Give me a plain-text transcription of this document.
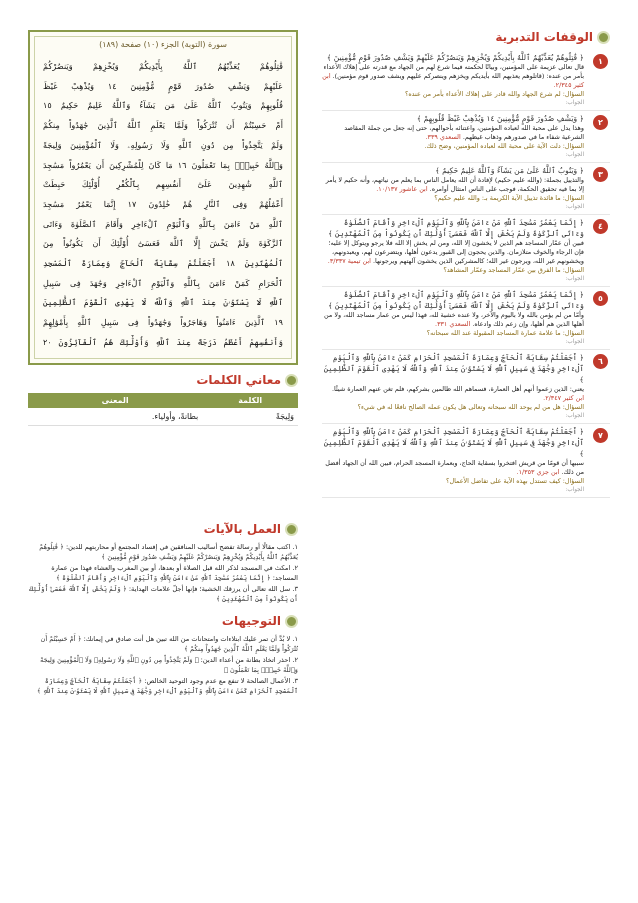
الوقفات التدبرية
١
﴿ قَٰتِلُوهُمْ يُعَذِّبْهُمُ ٱللَّهُ بِأَيْدِيكُمْ وَيُخْزِهِمْ وَيَنصُرْكُمْ عَلَيْهِمْ وَيَشْفِ صُدُورَ قَوْمٍ مُّؤْمِنِينَ ﴾
قال تعالى عزيمة على المؤمنين، وبيانًا لحكمته فيما شرع لهم من الجهاد مع قدرته على إهلاك الأعداء بأمر من عنده: (قاتلوهم يعذبهم الله بأيديكم ويخزهم وينصركم عليهم ويشف صدور قوم مؤمنين). ابن كثير ٢/٣٤٥.
السؤال: لم شرع الجهاد والله قادر على إهلاك الأعداء بأمر من عنده؟
الجواب:
٢
﴿ وَيَشْفِ صُدُورَ قَوْمٍ مُّؤْمِنِينَ ١٤ وَيُذْهِبْ غَيْظَ قُلُوبِهِمْ ﴾
وهذا يدل على محبة الله لعباده المؤمنين، واعتنائه بأحوالهم، حتى إنه جعل من جملة المقاصد الشرعية شفاء ما في صدورهم وذهاب غيظهم. السعدي ٣٣٩.
السؤال: دلت الآية على محبة الله لعباده المؤمنين، وضح ذلك.
الجواب:
٣
﴿ وَيَتُوبُ ٱللَّهُ عَلَىٰ مَن يَشَآءُ وَٱللَّهُ عَلِيمٌ حَكِيمٌ ﴾
والتذييل بجملة: (والله عليم حكيم) لإفادة أن الله يعامل الناس بما يعلم من نياتهم، وأنه حكيم لا يأمر إلا بما فيه تحقيق الحكمة، فوجب على الناس امتثال أوامره. ابن عاشور ١٠/١٣٧.
السؤال: ما فائدة تذييل الآية الكريمة بـ: والله عليم حكيم؟
الجواب:
٤
﴿ إِنَّمَا يَعْمُرُ مَسَٰجِدَ ٱللَّهِ مَنْ ءَامَنَ بِٱللَّهِ وَٱلْيَوْمِ ٱلْءَاخِرِ وَأَقَامَ ٱلصَّلَوٰةَ وَءَاتَى ٱلزَّكَوٰةَ وَلَمْ يَخْشَ إِلَّا ٱللَّهَ فَعَسَىٰٓ أُوْلَٰٓئِكَ أَن يَكُونُواْ مِنَ ٱلْمُهْتَدِينَ ﴾
فبين أن عمّار المساجد هم الذين لا يخشون إلا الله، ومن لم يخش إلا الله فلا يرجو ويتوكل إلا عليه؛ فإن الرجاء والخوف متلازمان. والذين يحجون إلى القبور يدعون أهلها، ويتضرعون لهم، ويعبدونهم، ويخشونهم غير الله، ويرجون غير الله؛ كالمشركين الذين يخشون آلهتهم ويرجونها. ابن تيمية ٣/٣٣٧.
السؤال: ما الفرق بين عمّار المساجد وعمّار المشاهد؟
الجواب:
٥
﴿ إِنَّمَا يَعْمُرُ مَسَٰجِدَ ٱللَّهِ مَنْ ءَامَنَ بِٱللَّهِ وَٱلْيَوْمِ ٱلْءَاخِرِ وَأَقَامَ ٱلصَّلَوٰةَ وَءَاتَى ٱلزَّكَوٰةَ وَلَمْ يَخْشَ إِلَّا ٱللَّهَ فَعَسَىٰٓ أُوْلَٰٓئِكَ أَن يَكُونُواْ مِنَ ٱلْمُهْتَدِينَ ﴾
وأمّا من لم يؤمن بالله ولا باليوم والآخر، ولا عنده خشية لله، فهذا ليس من عمار مساجد الله، ولا من أهلها الذين هم أهلها، وإن زعم ذلك وادعاه. السعدي ٣٣١.
السؤال: ما علامة عمارة المساجد المقبولة عند الله سبحانه؟
الجواب:
٦
﴿ أَجَعَلْتُمْ سِقَايَةَ ٱلْحَآجِّ وَعِمَارَةَ ٱلْمَسْجِدِ ٱلْحَرَامِ كَمَنْ ءَامَنَ بِٱللَّهِ وَٱلْيَوْمِ ٱلْءَاخِرِ وَجَٰهَدَ فِى سَبِيلِ ٱللَّهِ لَا يَسْتَوُۥنَ عِندَ ٱللَّهِ وَٱللَّهُ لَا يَهْدِى ٱلْقَوْمَ ٱلظَّٰلِمِينَ ﴾
يعني: الذين زعموا أنهم أهل العمارة، فسماهم الله ظالمين بشركهم، فلم تغن عنهم العمارة شيئًا. ابن كثير ٢/٣٤٧.
السؤال: هل من لم يوحد الله سبحانه وتعالى هل يكون عمله الصالح نافعًا له في شيء؟
الجواب:
٧
﴿ أَجَعَلْتُمْ سِقَايَةَ ٱلْحَآجِّ وَعِمَارَةَ ٱلْمَسْجِدِ ٱلْحَرَامِ كَمَنْ ءَامَنَ بِٱللَّهِ وَٱلْيَوْمِ ٱلْءَاخِرِ وَجَٰهَدَ فِى سَبِيلِ ٱللَّهِ لَا يَسْتَوُۥنَ عِندَ ٱللَّهِ وَٱللَّهُ لَا يَهْدِى ٱلْقَوْمَ ٱلظَّٰلِمِينَ ﴾
سببها أن قومًا من قريش افتخروا بسقاية الحاج، وبعمارة المسجد الحرام، فبين الله أن الجهاد أفضل من ذلك. ابن جزي ١/٣٥٣.
السؤال: كيف تستدل بهذه الآية على تفاضل الأعمال؟
الجواب:
سورة (التوبة) الجزء (١٠) صفحة (١٨٩)
قَٰتِلُوهُمْ يُعَذِّبْهُمُ ٱللَّهُ بِأَيْدِيكُمْ وَيُخْزِهِمْ وَيَنصُرْكُمْ
عَلَيْهِمْ وَيَشْفِ صُدُورَ قَوْمٍ مُّؤْمِنِينَ ١٤ وَيُذْهِبْ غَيْظَ
قُلُوبِهِمْ وَيَتُوبُ ٱللَّهُ عَلَىٰ مَن يَشَآءُ وَٱللَّهُ عَلِيمٌ حَكِيمٌ ١٥
أَمْ حَسِبْتُمْ أَن تُتْرَكُواْ وَلَمَّا يَعْلَمِ ٱللَّهُ ٱلَّذِينَ جَٰهَدُواْ مِنكُمْ
وَلَمْ يَتَّخِذُواْ مِن دُونِ ٱللَّهِ وَلَا رَسُولِهِۦ وَلَا ٱلْمُؤْمِنِينَ وَلِيجَةً
وَٱللَّهُ خَبِيرٌۢ بِمَا تَعْمَلُونَ ١٦ مَا كَانَ لِلْمُشْرِكِينَ أَن يَعْمُرُواْ مَسَٰجِدَ
ٱللَّهِ شَٰهِدِينَ عَلَىٰٓ أَنفُسِهِم بِٱلْكُفْرِ أُوْلَٰٓئِكَ حَبِطَتْ
أَعْمَٰلُهُمْ وَفِى ٱلنَّارِ هُمْ خَٰلِدُونَ ١٧ إِنَّمَا يَعْمُرُ مَسَٰجِدَ
ٱللَّهِ مَنْ ءَامَنَ بِٱللَّهِ وَٱلْيَوْمِ ٱلْءَاخِرِ وَأَقَامَ ٱلصَّلَوٰةَ وَءَاتَى
ٱلزَّكَوٰةَ وَلَمْ يَخْشَ إِلَّا ٱللَّهَ فَعَسَىٰٓ أُوْلَٰٓئِكَ أَن يَكُونُواْ مِنَ
ٱلْمُهْتَدِينَ ١٨ أَجَعَلْتُمْ سِقَايَةَ ٱلْحَآجِّ وَعِمَارَةَ ٱلْمَسْجِدِ
ٱلْحَرَامِ كَمَنْ ءَامَنَ بِٱللَّهِ وَٱلْيَوْمِ ٱلْءَاخِرِ وَجَٰهَدَ فِى سَبِيلِ
ٱللَّهِ لَا يَسْتَوُۥنَ عِندَ ٱللَّهِ وَٱللَّهُ لَا يَهْدِى ٱلْقَوْمَ ٱلظَّٰلِمِينَ
١٩ ٱلَّذِينَ ءَامَنُواْ وَهَاجَرُواْ وَجَٰهَدُواْ فِى سَبِيلِ ٱللَّهِ بِأَمْوَٰلِهِمْ
وَأَنفُسِهِمْ أَعْظَمُ دَرَجَةً عِندَ ٱللَّهِ وَأُوْلَٰٓئِكَ هُمُ ٱلْفَآئِزُونَ ٢٠
معاني الكلمات
الكلمة	المعنى
وَلِيجَةً	بطانةً، وأولياء.
العمل بالآيات

١. اكتب مقالًا أو رسالة تفضح أساليب المنافقين في إفساد المجتمع أو محاربتهم للدين: ﴿ قَٰتِلُوهُمْ يُعَذِّبْهُمُ ٱللَّهُ بِأَيْدِيكُمْ وَيُخْزِهِمْ وَيَنصُرْكُمْ عَلَيْهِمْ وَيَشْفِ صُدُورَ قَوْمٍ مُّؤْمِنِينَ ﴾

٢. امكث في المسجد لذكر الله قبل الصلاة أو بعدها، أو بين المغرب والعشاء فهذا من عمارة المساجد: ﴿ إِنَّمَا يَعْمُرُ مَسَٰجِدَ ٱللَّهِ مَنْ ءَامَنَ بِٱللَّهِ وَٱلْيَوْمِ ٱلْءَاخِرِ وَأَقَامَ ٱلصَّلَوٰةَ ﴾

٣. سل الله تعالى أن يرزقك الخشية؛ فإنها أجلّ علامات الهداية: ﴿ وَلَمْ يَخْشَ إِلَّا ٱللَّهَ فَعَسَىٰٓ أُوْلَٰٓئِكَ أَن يَكُونُواْ مِنَ ٱلْمُهْتَدِينَ ﴾

التوجيهات

١. لا بُدَّ أن تمر عليك ابتلاءات وامتحانات من الله تبين هل أنت صادق في إيمانك: ﴿ أَمْ حَسِبْتُمْ أَن تُتْرَكُواْ وَلَمَّا يَعْلَمِ ٱللَّهُ ٱلَّذِينَ جَٰهَدُواْ مِنكُمْ ﴾

٢. احذر اتخاذ بطانة من أعداء الدين: ﴿ وَلَمْ يَتَّخِذُواْ مِن دُونِ ٱللَّهِ وَلَا رَسُولِهِۦ وَلَا ٱلْمُؤْمِنِينَ وَلِيجَةً وَٱللَّهُ خَبِيرٌۢ بِمَا تَعْمَلُونَ ﴾

٣. الأعمال الصالحة لا تنفع مع عدم وجود التوحيد الخالص: ﴿ أَجَعَلْتُمْ سِقَايَةَ ٱلْحَآجِّ وَعِمَارَةَ ٱلْمَسْجِدِ ٱلْحَرَامِ كَمَنْ ءَامَنَ بِٱللَّهِ وَٱلْيَوْمِ ٱلْءَاخِرِ وَجَٰهَدَ فِى سَبِيلِ ٱللَّهِ لَا يَسْتَوُۥنَ عِندَ ٱللَّهِ ﴾
